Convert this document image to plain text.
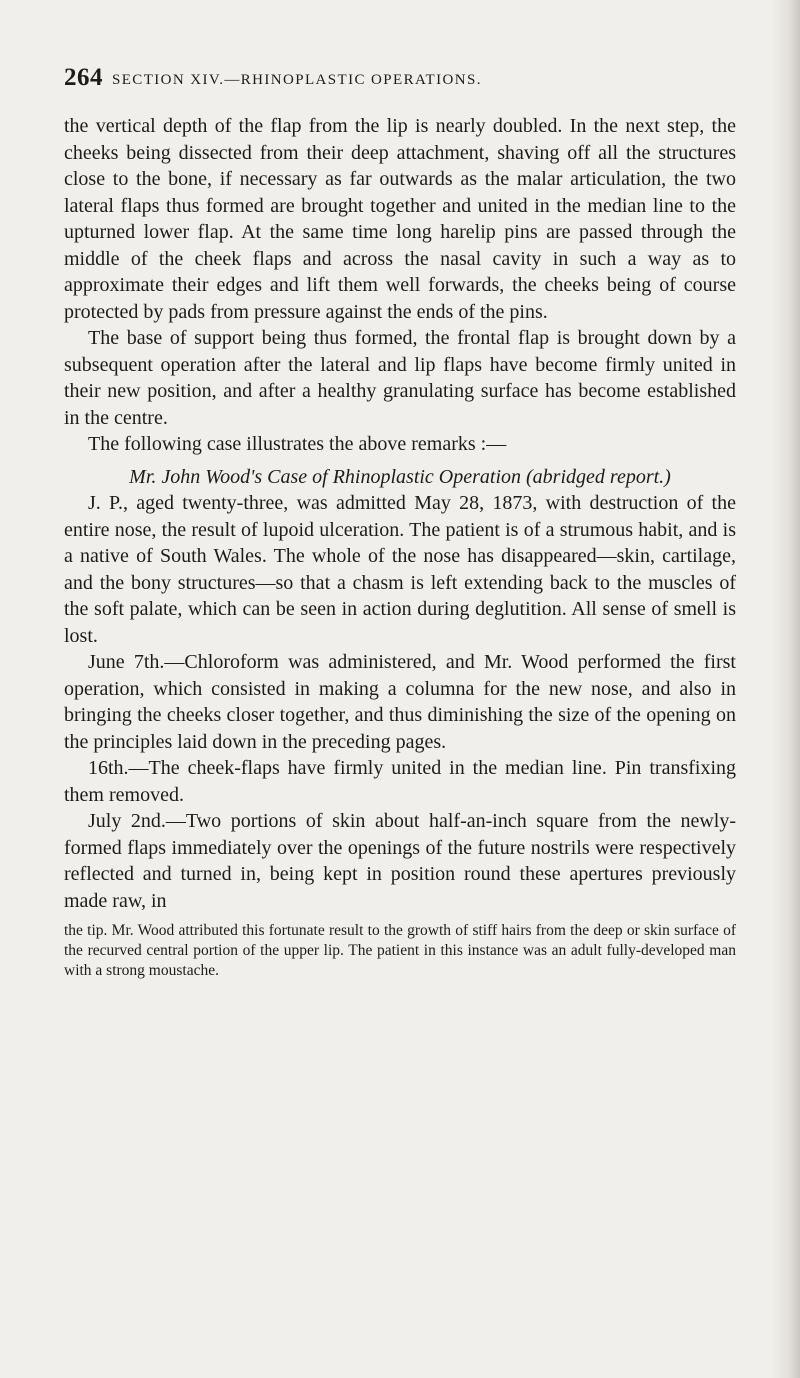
264 SECTION XIV.—RHINOPLASTIC OPERATIONS.

the vertical depth of the flap from the lip is nearly doubled. In the next step, the cheeks being dissected from their deep attachment, shaving off all the structures close to the bone, if necessary as far outwards as the malar articulation, the two lateral flaps thus formed are brought together and united in the median line to the upturned lower flap. At the same time long harelip pins are passed through the middle of the cheek flaps and across the nasal cavity in such a way as to approximate their edges and lift them well forwards, the cheeks being of course protected by pads from pressure against the ends of the pins.

The base of support being thus formed, the frontal flap is brought down by a subsequent operation after the lateral and lip flaps have become firmly united in their new position, and after a healthy granulating surface has become established in the centre.

The following case illustrates the above remarks :—

Mr. John Wood's Case of Rhinoplastic Operation (abridged report.)

J. P., aged twenty-three, was admitted May 28, 1873, with destruction of the entire nose, the result of lupoid ulceration. The patient is of a strumous habit, and is a native of South Wales. The whole of the nose has disappeared—skin, cartilage, and the bony structures—so that a chasm is left extending back to the muscles of the soft palate, which can be seen in action during deglutition. All sense of smell is lost.

June 7th.—Chloroform was administered, and Mr. Wood performed the first operation, which consisted in making a columna for the new nose, and also in bringing the cheeks closer together, and thus diminishing the size of the opening on the principles laid down in the preceding pages.

16th.—The cheek-flaps have firmly united in the median line. Pin transfixing them removed.

July 2nd.—Two portions of skin about half-an-inch square from the newly-formed flaps immediately over the openings of the future nostrils were respectively reflected and turned in, being kept in position round these apertures previously made raw, in

the tip. Mr. Wood attributed this fortunate result to the growth of stiff hairs from the deep or skin surface of the recurved central portion of the upper lip. The patient in this instance was an adult fully-developed man with a strong moustache.
